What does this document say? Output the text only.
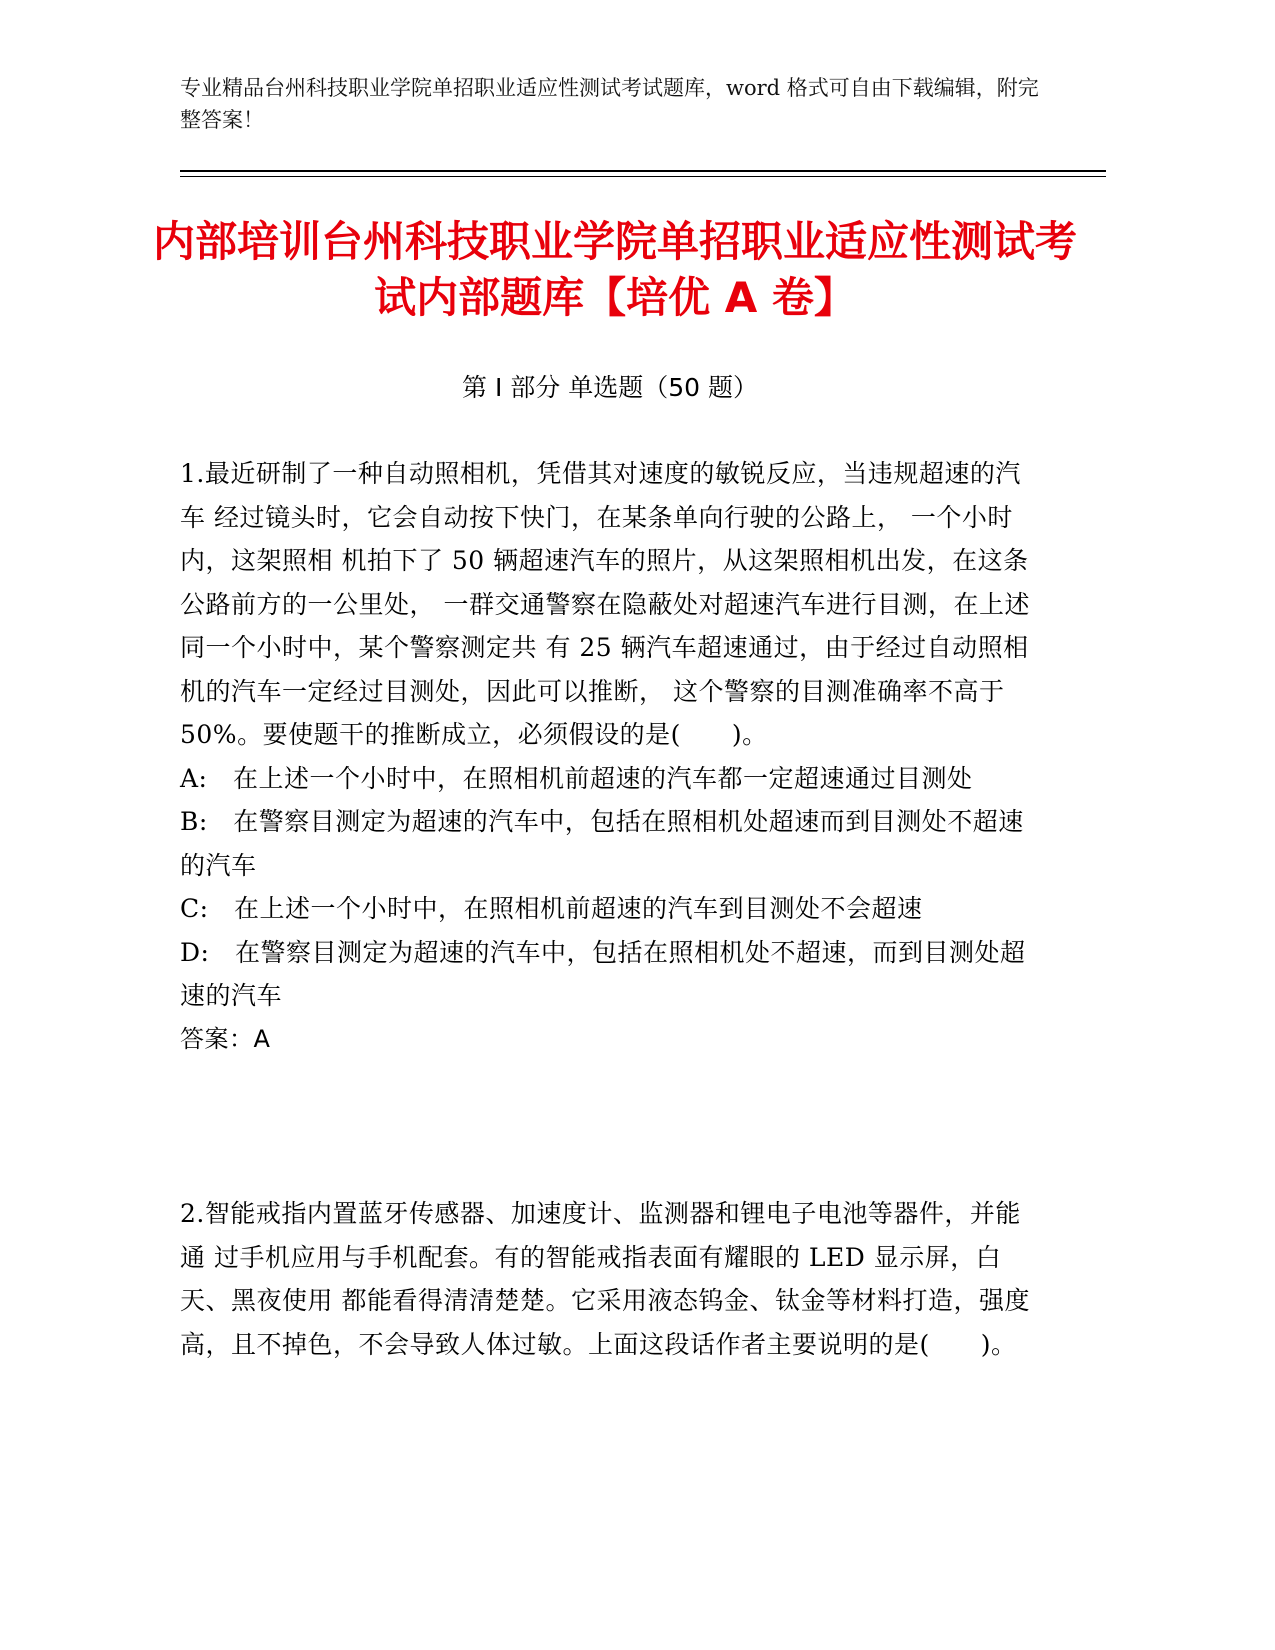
专业精品台州科技职业学院单招职业适应性测试考试题库，word 格式可自由下载编辑，附完整答案！
内部培训台州科技职业学院单招职业适应性测试考试内部题库【培优 A 卷】
第 I 部分 单选题（50 题）

1.最近研制了一种自动照相机，凭借其对速度的敏锐反应，当违规超速的汽车 经过镜头时，它会自动按下快门，在某条单向行驶的公路上， 一个小时内，这架照相 机拍下了 50 辆超速汽车的照片，从这架照相机出发，在这条公路前方的一公里处， 一群交通警察在隐蔽处对超速汽车进行目测，在上述同一个小时中，某个警察测定共 有 25 辆汽车超速通过，由于经过自动照相机的汽车一定经过目测处，因此可以推断， 这个警察的目测准确率不高于 50%。要使题干的推断成立，必须假设的是(　　)。

A:　在上述一个小时中，在照相机前超速的汽车都一定超速通过目测处

B:　在警察目测定为超速的汽车中，包括在照相机处超速而到目测处不超速的汽车

C:　在上述一个小时中，在照相机前超速的汽车到目测处不会超速

D:　在警察目测定为超速的汽车中，包括在照相机处不超速，而到目测处超速的汽车

答案：A

2.智能戒指内置蓝牙传感器、加速度计、监测器和锂电子电池等器件，并能通 过手机应用与手机配套。有的智能戒指表面有耀眼的 LED 显示屏，白天、黑夜使用 都能看得清清楚楚。它采用液态钨金、钛金等材料打造，强度高，且不掉色，不会导致人体过敏。上面这段话作者主要说明的是(　　)。
